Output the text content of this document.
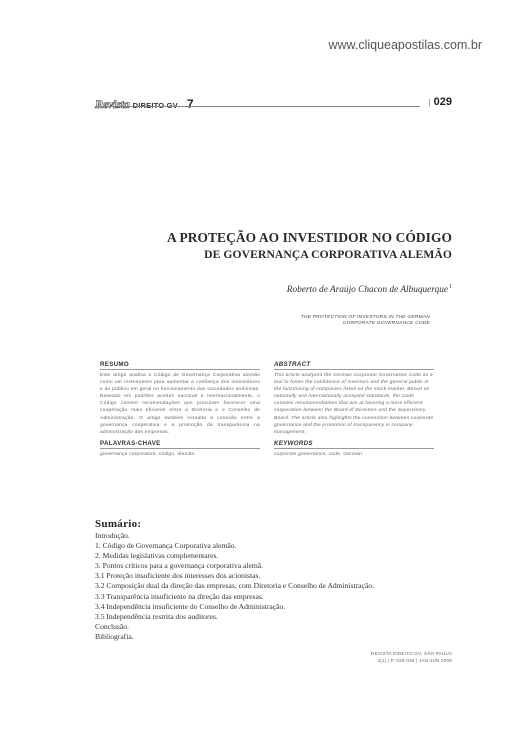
www.cliqueapostilas.com.br
Revista DIREITO GV 7	| 029
A PROTEÇÃO AO INVESTIDOR NO CÓDIGO
DE GOVERNANÇA CORPORATIVA ALEMÃO
Roberto de Araújo Chacon de Albuquerque$^1$
THE PROTECTION OF INVESTORS IN THE GERMAN
CORPORATE GOVERNANCE CODE
RESUMO
Este artigo analisa o Código de Governança Corporativa alemão como um instrumento para aumentar a confiança dos investidores e do público em geral no funcionamento das sociedades anônimas. Baseado em padrões aceitos nacional e internacionalmente, o Código contém recomendações que procuram favorecer uma cooperação mais eficiente entre a Diretoria e o Conselho de Administração. O artigo também ressalta a conexão entre a governança cooperativa e a promoção da transparência na administração das empresas.
PALAVRAS-CHAVE
governança corporativa, código, alemão.
ABSTRACT
This article analyzes the German Corporate Governance Code as a tool to foster the confidence of investors and the general public in the functioning of companies listed on the stock market. Based on nationally and internationally accepted standards, the Code contains recommendations that aim at favoring a more efficient cooperation between the Board of Directors and the Supervisory Board. The article also highlights the connection between corporate governance and the promotion of transparency in company management.
KEYWORDS
corporate governance, code, German.
Sumário:
Introdução.
1. Código de Governança Corporativa alemão.
2. Medidas legislativas complementares.
3. Pontos críticos para a governança corporativa alemã.
3.1 Proteção insuficiente dos interesses dos acionistas.
3.2 Composição dual da direção das empresas, com Diretoria e Conselho de Administração.
3.3 Transparência insuficiente na direção das empresas.
3.4 Independência insuficiente do Conselho de Administração.
3.5 Independência restrita dos auditores.
Conclusão.
Bibliografia.
REVISTA DIREITO GV, SÃO PAULO
4(1) | P. 029-048 | JAN-JUN 2008
